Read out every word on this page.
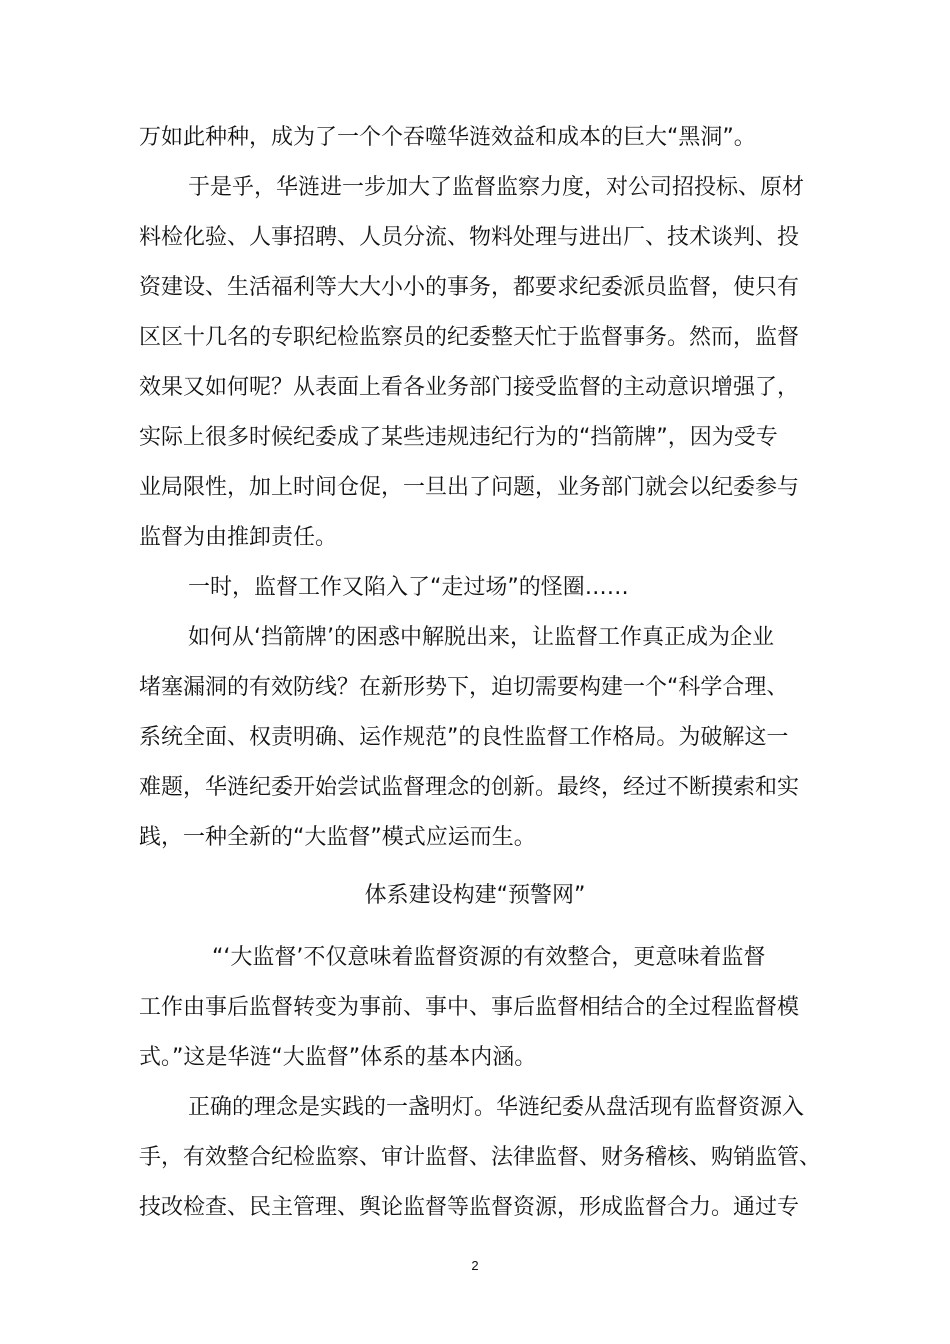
万如此种种，成为了一个个吞噬华涟效益和成本的巨大“黑洞”。
于是乎，华涟进一步加大了监督监察力度，对公司招投标、原材
料检化验、人事招聘、人员分流、物料处理与进出厂、技术谈判、投
资建设、生活福利等大大小小的事务，都要求纪委派员监督，使只有
区区十几名的专职纪检监察员的纪委整天忙于监督事务。然而，监督
效果又如何呢？从表面上看各业务部门接受监督的主动意识增强了，
实际上很多时候纪委成了某些违规违纪行为的“挡箭牌”，因为受专
业局限性，加上时间仓促，一旦出了问题，业务部门就会以纪委参与
监督为由推卸责任。
一时，监督工作又陷入了“走过场”的怪圈……
如何从‘挡箭牌’的困惑中解脱出来，让监督工作真正成为企业
堵塞漏洞的有效防线？在新形势下，迫切需要构建一个“科学合理、
系统全面、权责明确、运作规范”的良性监督工作格局。为破解这一
难题，华涟纪委开始尝试监督理念的创新。最终，经过不断摸索和实
践，一种全新的“大监督”模式应运而生。
体系建设构建“预警网”
“‘大监督’不仅意味着监督资源的有效整合，更意味着监督
工作由事后监督转变为事前、事中、事后监督相结合的全过程监督模
式。”这是华涟“大监督”体系的基本内涵。
正确的理念是实践的一盏明灯。华涟纪委从盘活现有监督资源入
手，有效整合纪检监察、审计监督、法律监督、财务稽核、购销监管、
技改检查、民主管理、舆论监督等监督资源，形成监督合力。通过专
2
